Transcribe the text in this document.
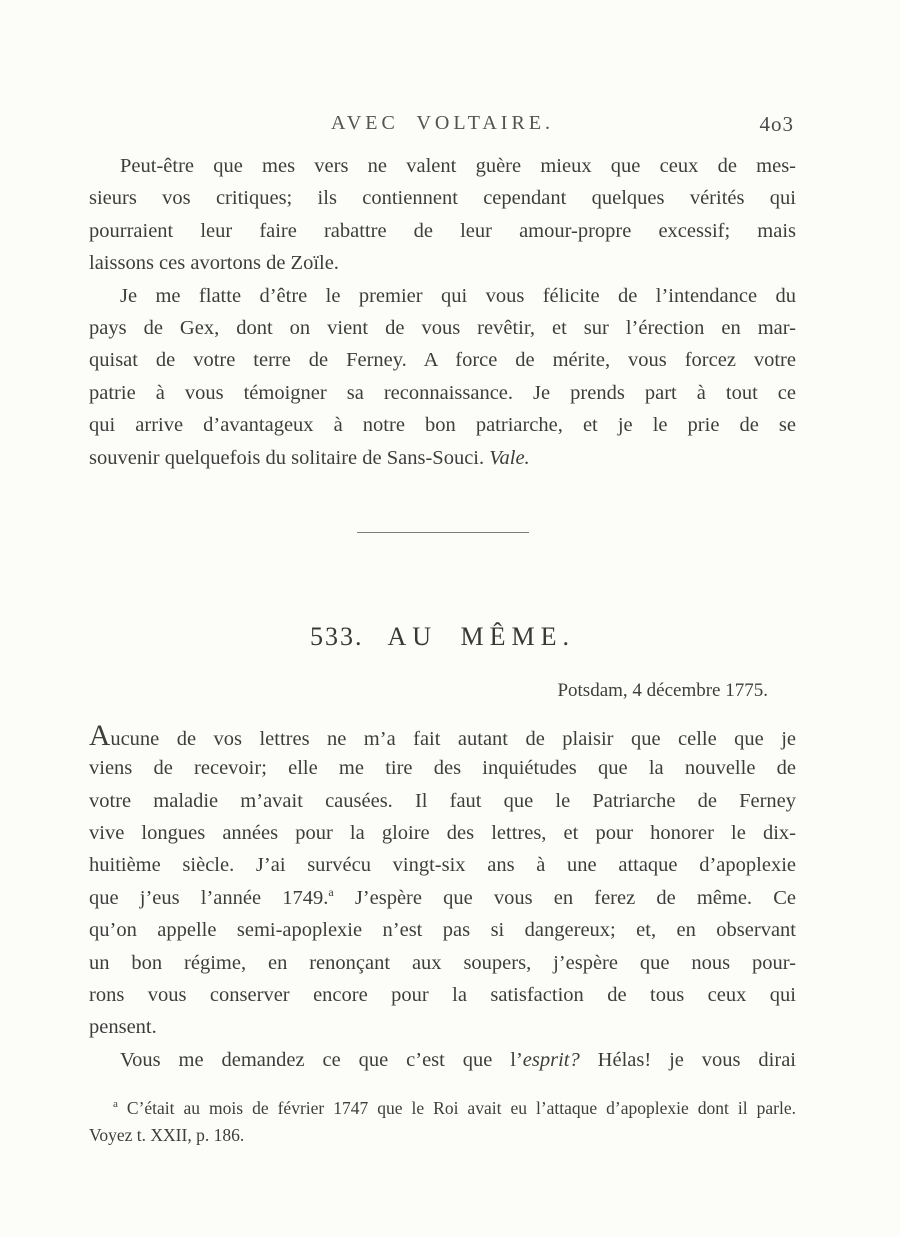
AVEC VOLTAIRE.	4o3
Peut-être que mes vers ne valent guère mieux que ceux de mes-
sieurs vos critiques; ils contiennent cependant quelques vérités qui
pourraient leur faire rabattre de leur amour-propre excessif; mais
laissons ces avortons de Zoïle.
Je me flatte d’être le premier qui vous félicite de l’intendance du
pays de Gex, dont on vient de vous revêtir, et sur l’érection en mar-
quisat de votre terre de Ferney. A force de mérite, vous forcez votre
patrie à vous témoigner sa reconnaissance. Je prends part à tout ce
qui arrive d’avantageux à notre bon patriarche, et je le prie de se
souvenir quelquefois du solitaire de Sans-Souci. Vale.
533. AU MÊME.
Potsdam, 4 décembre 1775.
Aucune de vos lettres ne m’a fait autant de plaisir que celle que je
viens de recevoir; elle me tire des inquiétudes que la nouvelle de
votre maladie m’avait causées. Il faut que le Patriarche de Ferney
vive longues années pour la gloire des lettres, et pour honorer le dix-
huitième siècle. J’ai survécu vingt-six ans à une attaque d’apoplexie
que j’eus l’année 1749.$^a$ J’espère que vous en ferez de même. Ce
qu’on appelle semi-apoplexie n’est pas si dangereux; et, en observant
un bon régime, en renonçant aux soupers, j’espère que nous pour-
rons vous conserver encore pour la satisfaction de tous ceux qui
pensent.
Vous me demandez ce que c’est que l’esprit? Hélas! je vous dirai
$^a$ C’était au mois de février 1747 que le Roi avait eu l’attaque d’apoplexie dont il parle.
Voyez t. XXII, p. 186.
